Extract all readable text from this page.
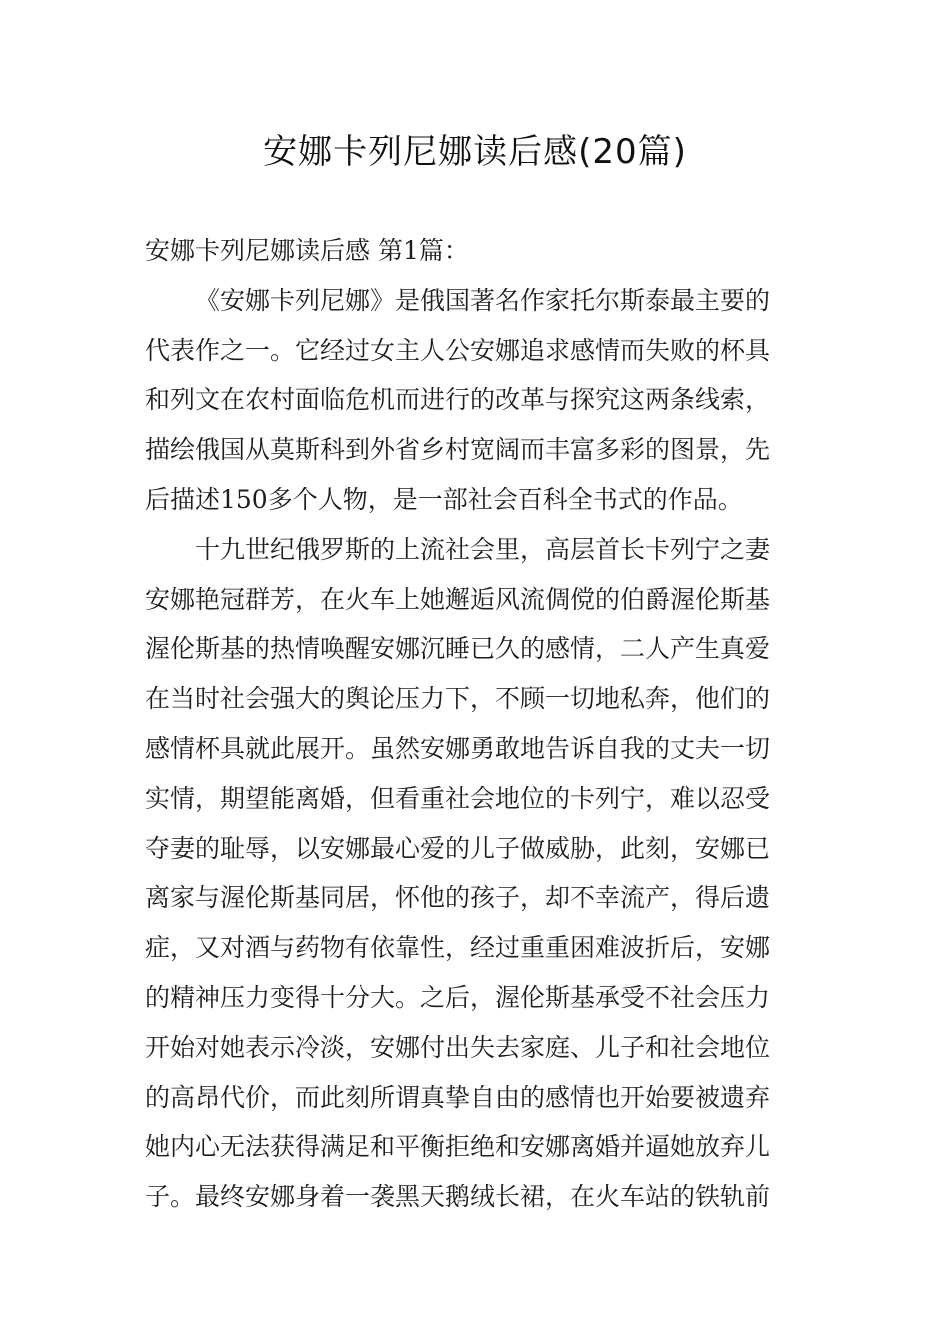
安娜卡列尼娜读后感(20篇)

安娜卡列尼娜读后感 第1篇：

《安娜卡列尼娜》是俄国著名作家托尔斯泰最主要的
代表作之一。它经过女主人公安娜追求感情而失败的杯具
和列文在农村面临危机而进行的改革与探究这两条线索，
描绘俄国从莫斯科到外省乡村宽阔而丰富多彩的图景，先
后描述150多个人物，是一部社会百科全书式的作品。

十九世纪俄罗斯的上流社会里，高层首长卡列宁之妻
安娜艳冠群芳，在火车上她邂逅风流倜傥的伯爵渥伦斯基
渥伦斯基的热情唤醒安娜沉睡已久的感情，二人产生真爱
在当时社会强大的舆论压力下，不顾一切地私奔，他们的
感情杯具就此展开。虽然安娜勇敢地告诉自我的丈夫一切
实情，期望能离婚，但看重社会地位的卡列宁，难以忍受
夺妻的耻辱，以安娜最心爱的儿子做威胁，此刻，安娜已
离家与渥伦斯基同居，怀他的孩子，却不幸流产，得后遗
症，又对酒与药物有依靠性，经过重重困难波折后，安娜
的精神压力变得十分大。之后，渥伦斯基承受不社会压力
开始对她表示冷淡，安娜付出失去家庭、儿子和社会地位
的高昂代价，而此刻所谓真挚自由的感情也开始要被遗弃
她内心无法获得满足和平衡拒绝和安娜离婚并逼她放弃儿
子。最终安娜身着一袭黑天鹅绒长裙，在火车站的铁轨前
